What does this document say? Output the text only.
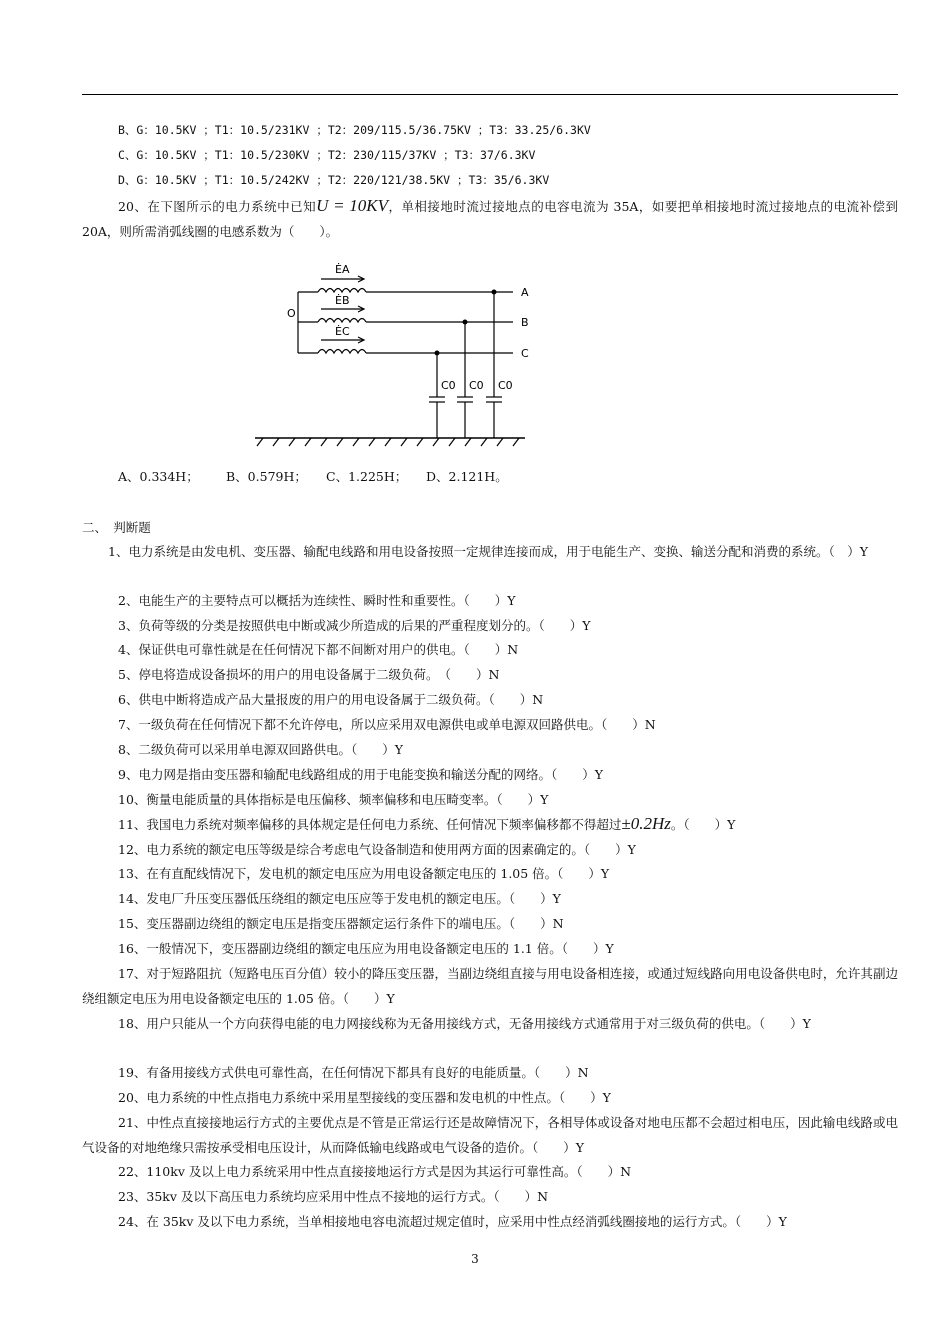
B、G：10.5KV ；T1：10.5/231KV ；T2：209/115.5/36.75KV ；T3：33.25/6.3KV
C、G：10.5KV ；T1：10.5/230KV ；T2：230/115/37KV ；T3：37/6.3KV
D、G：10.5KV ；T1：10.5/242KV ；T2：220/121/38.5KV ；T3：35/6.3KV
20、在下图所示的电力系统中已知U = 10KV，单相接地时流过接地点的电容电流为 35A，如要把单相接地时流过接地点的电流补偿到 20A，则所需消弧线圈的电感系数为（　　）。
O
ĖA
ĖB
ĖC
A
B
C
C0 C0 C0
A、0.334H； B、0.579H； C、1.225H； D、2.121H。
二、　判断题
1、电力系统是由发电机、变压器、输配电线路和用电设备按照一定规律连接而成，用于电能生产、变换、输送分配和消费的系统。（　）Y
2、电能生产的主要特点可以概括为连续性、瞬时性和重要性。（　　）Y
3、负荷等级的分类是按照供电中断或减少所造成的后果的严重程度划分的。（　　）Y
4、保证供电可靠性就是在任何情况下都不间断对用户的供电。（　　）N
5、停电将造成设备损坏的用户的用电设备属于二级负荷。　（　　）N
6、供电中断将造成产品大量报废的用户的用电设备属于二级负荷。（　　）N
7、一级负荷在任何情况下都不允许停电，所以应采用双电源供电或单电源双回路供电。（　　）N
8、二级负荷可以采用单电源双回路供电。（　　）Y
9、电力网是指由变压器和输配电线路组成的用于电能变换和输送分配的网络。（　　）Y
10、衡量电能质量的具体指标是电压偏移、频率偏移和电压畸变率。（　　）Y
11、我国电力系统对频率偏移的具体规定是任何电力系统、任何情况下频率偏移都不得超过±0.2Hz。（　　）Y
12、电力系统的额定电压等级是综合考虑电气设备制造和使用两方面的因素确定的。（　　）Y
13、在有直配线情况下，发电机的额定电压应为用电设备额定电压的 1.05 倍。（　　）Y
14、发电厂升压变压器低压绕组的额定电压应等于发电机的额定电压。（　　）Y
15、变压器副边绕组的额定电压是指变压器额定运行条件下的端电压。（　　）N
16、一般情况下，变压器副边绕组的额定电压应为用电设备额定电压的 1.1 倍。（　　）Y
17、对于短路阻抗（短路电压百分值）较小的降压变压器，当副边绕组直接与用电设备相连接，或通过短线路向用电设备供电时，允许其副边绕组额定电压为用电设备额定电压的 1.05 倍。（　　）Y
18、用户只能从一个方向获得电能的电力网接线称为无备用接线方式，无备用接线方式通常用于对三级负荷的供电。（　　）Y
19、有备用接线方式供电可靠性高，在任何情况下都具有良好的电能质量。（　　）N
20、电力系统的中性点指电力系统中采用星型接线的变压器和发电机的中性点。（　　）Y
21、中性点直接接地运行方式的主要优点是不管是正常运行还是故障情况下，各相导体或设备对地电压都不会超过相电压，因此输电线路或电气设备的对地绝缘只需按承受相电压设计，从而降低输电线路或电气设备的造价。（　　）Y
22、110kv 及以上电力系统采用中性点直接接地运行方式是因为其运行可靠性高。（　　）N
23、35kv 及以下高压电力系统均应采用中性点不接地的运行方式。（　　）N
24、在 35kv 及以下电力系统，当单相接地电容电流超过规定值时，应采用中性点经消弧线圈接地的运行方式。（　　）Y
3
